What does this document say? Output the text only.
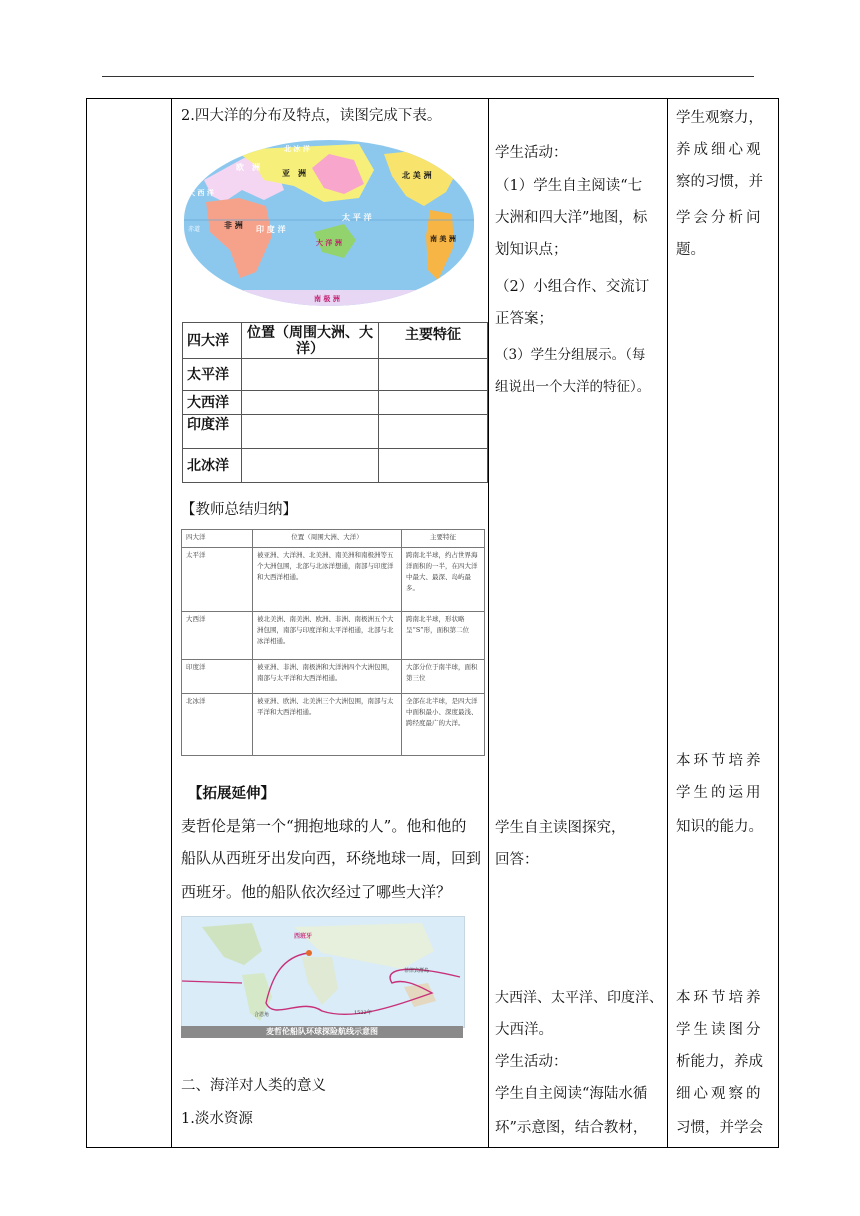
2.四大洋的分布及特点，读图完成下表。
欧　洲
亚　洲	北 美 洲
非 洲
南 美 洲
大 洋 洲
南 极 洲
太 平 洋
大 西 洋
印 度 洋
北 冰 洋
赤道
四大洋	位置（周围大洲、大洋）	主要特征
太平洋		
大西洋		
印度洋		
北冰洋		
【教师总结归纳】
四大洋	位置（周围大洲、大洋）	主要特征
太平洋	被亚洲、大洋洲、北美洲、南美洲和南极洲等五个大洲包围，北部与北冰洋想通，南部与印度洋和大西洋相通。	跨南北半球，约占世界海洋面积的一半，在四大洋中最大、最深、岛屿最多。
大西洋	被北美洲、南美洲、欧洲、非洲、南极洲五个大洲包围，南部与印度洋和太平洋相通，北部与北冰洋相通。	跨南北半球，形状略呈“S”形，面积第二位
印度洋	被亚洲、非洲、南极洲和大洋洲四个大洲包围，南部与太平洋和大西洋相通。	大部分位于南半球，面积第三位
北冰洋	被亚洲、欧洲、北美洲三个大洲包围，南部与太平洋和大西洋相通。	全部在北半球，是四大洋中面积最小、深度最浅、跨经度最广的大洋。
【拓展延伸】
麦哲伦是第一个“拥抱地球的人”。他和他的
船队从西班牙出发向西，环绕地球一周，回到
西班牙。他的船队依次经过了哪些大洋？
西班牙
菲律宾群岛
合恩角	1522年
麦哲伦船队环球探险航线示意图
二、海洋对人类的意义
1.淡水资源
学生活动：
（1）学生自主阅读“七
大洲和四大洋”地图，标
划知识点；
（2）小组合作、交流订
正答案；
（3）学生分组展示。（每
组说出一个大洋的特征）。
学生自主读图探究，
回答：
大西洋、太平洋、印度洋、
大西洋。
学生活动：
学生自主阅读“海陆水循
环”示意图，结合教材，
学生观察力，
养成细心观
察的习惯，并
学会分析问
题。
本环节培养
学生的运用
知识的能力。
本环节培养
学生读图分
析能力，养成
细心观察的
习惯，并学会
